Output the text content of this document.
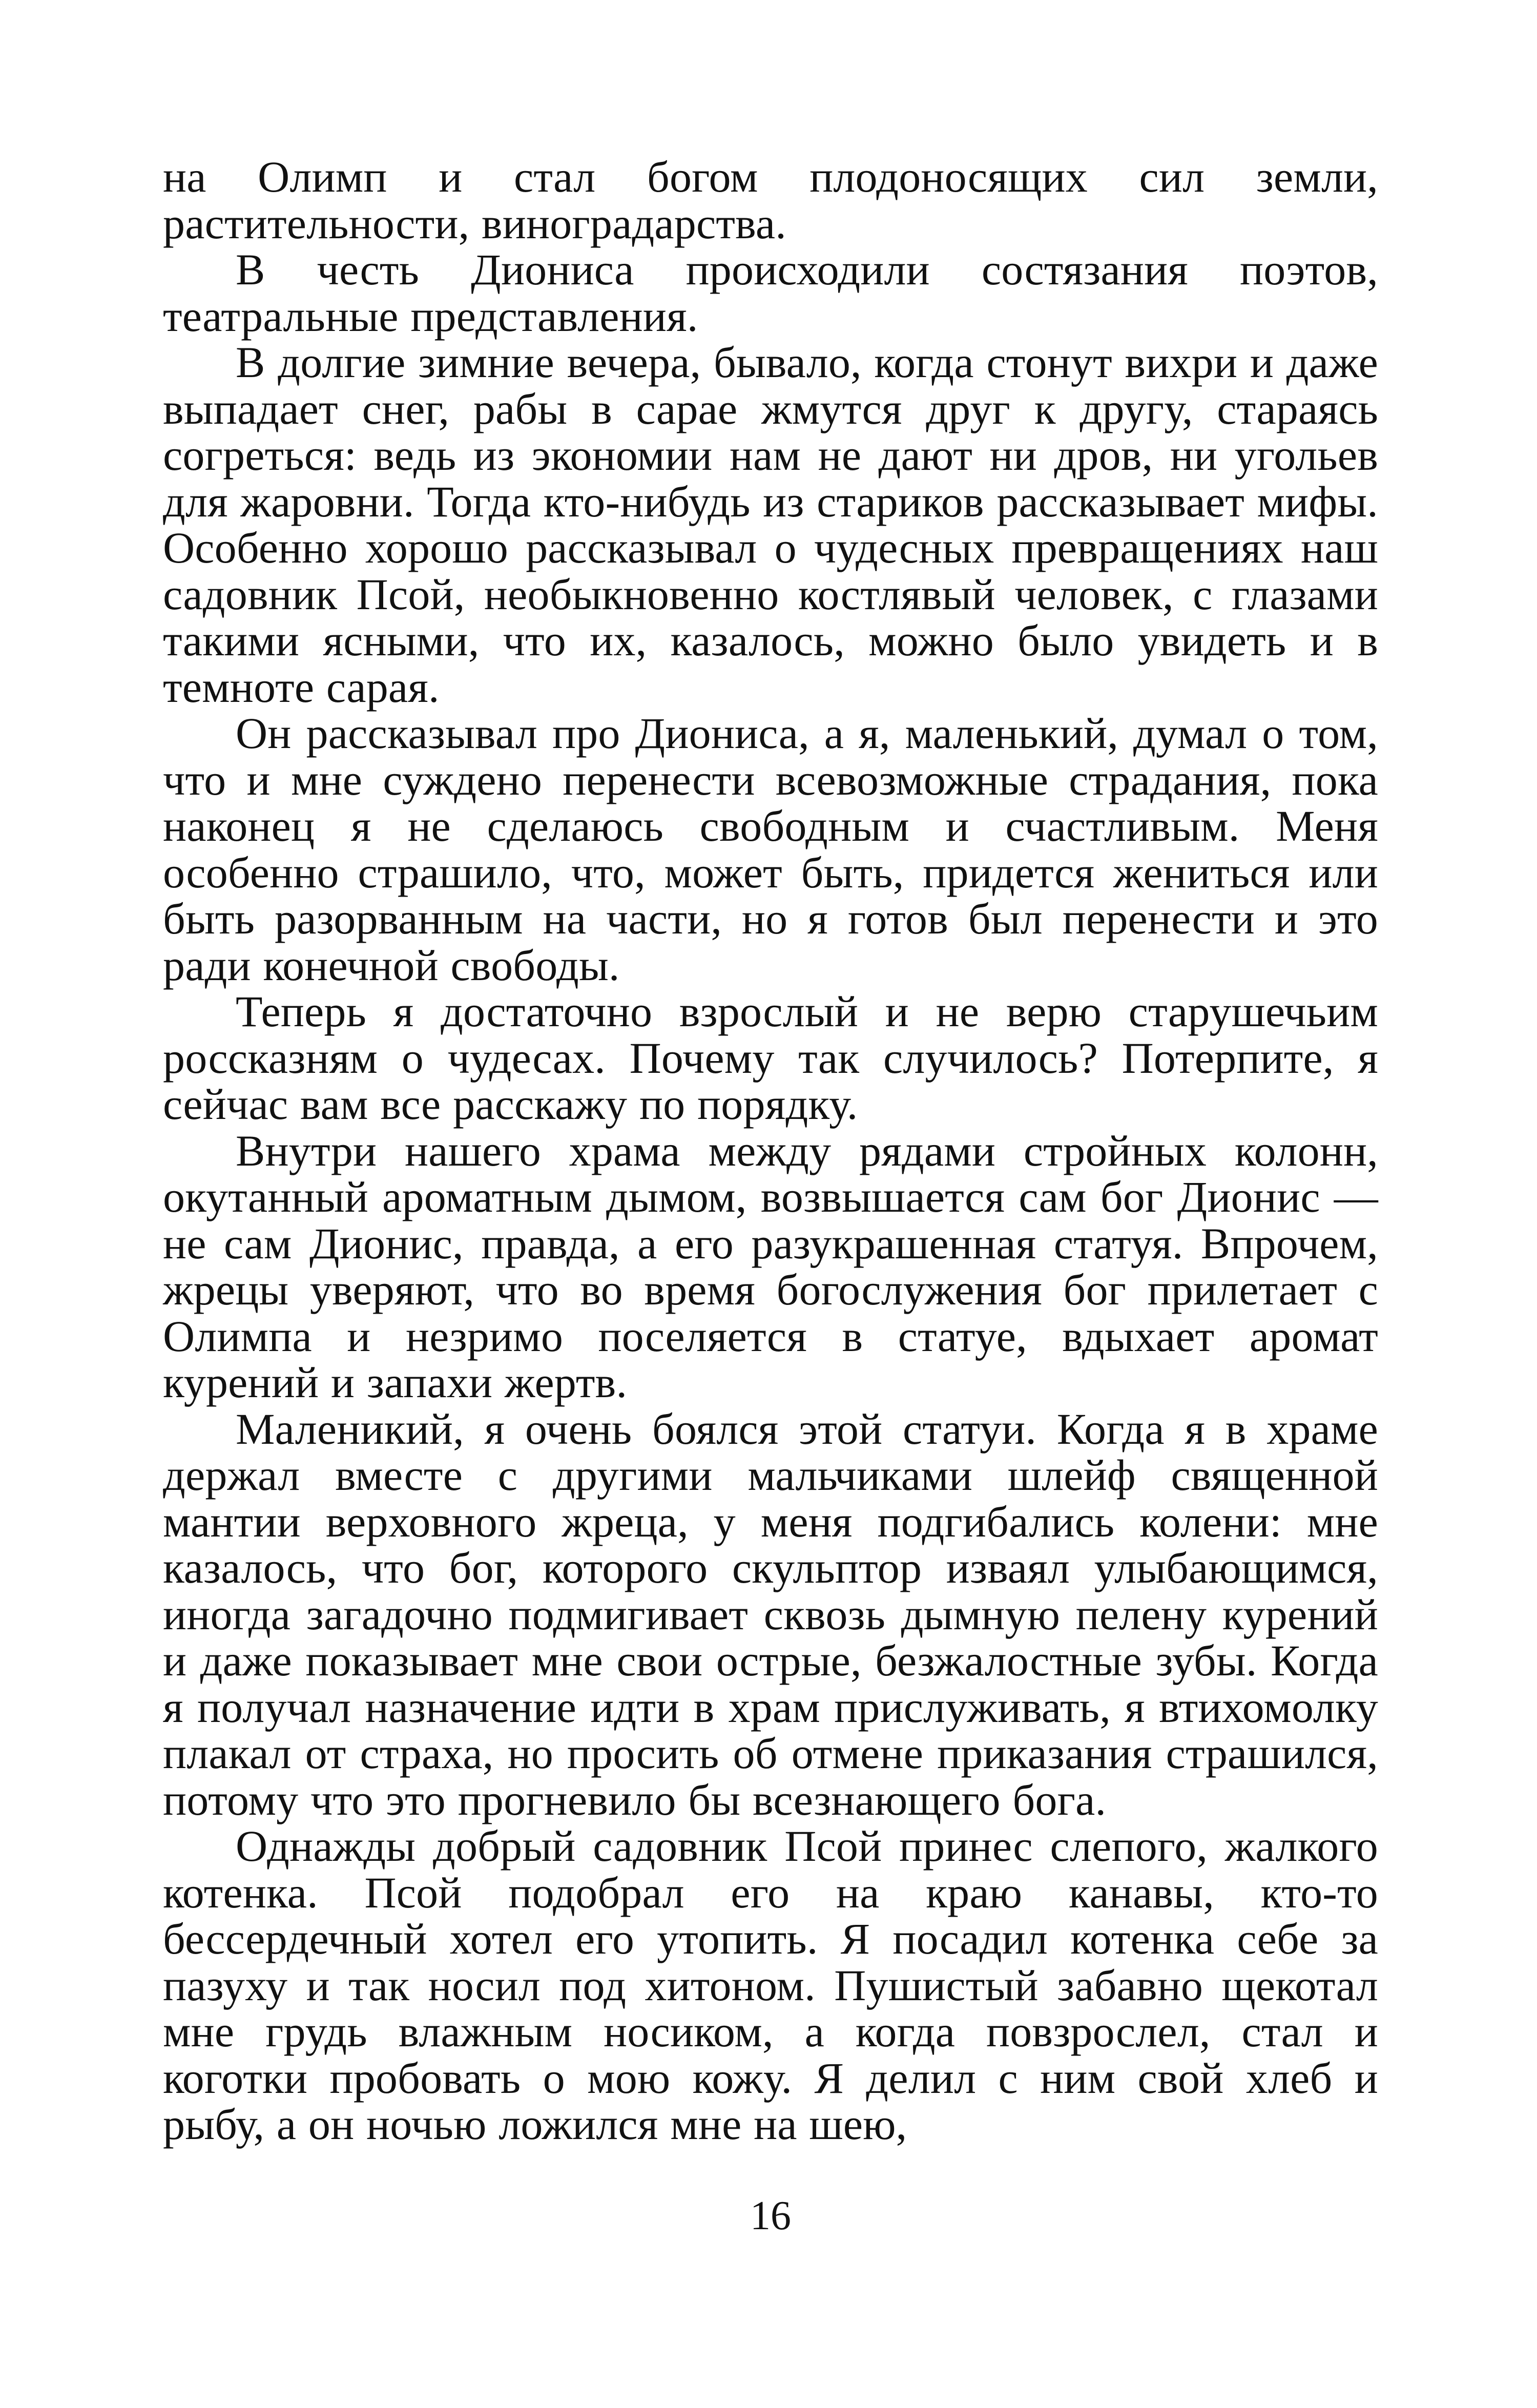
на Олимп и стал богом плодоносящих сил земли, растительности, виноградарства.

В честь Диониса происходили состязания поэтов, театральные представления.

В долгие зимние вечера, бывало, когда стонут вихри и даже выпадает снег, рабы в сарае жмутся друг к другу, стараясь согреться: ведь из экономии нам не дают ни дров, ни угольев для жаровни. Тогда кто-нибудь из стариков рассказывает мифы. Особенно хорошо рассказывал о чудесных превращениях наш садовник Псой, необыкновенно костлявый человек, с глазами такими ясными, что их, казалось, можно было увидеть и в темноте сарая.

Он рассказывал про Диониса, а я, маленький, думал о том, что и мне суждено перенести всевозможные страдания, пока наконец я не сделаюсь свободным и счастливым. Меня особенно страшило, что, может быть, придется жениться или быть разорванным на части, но я готов был перенести и это ради конечной свободы.

Теперь я достаточно взрослый и не верю старушечьим россказням о чудесах. Почему так случилось? Потерпите, я сейчас вам все расскажу по порядку.

Внутри нашего храма между рядами стройных колонн, окутанный ароматным дымом, возвышается сам бог Дионис — не сам Дионис, правда, а его разукрашенная статуя. Впрочем, жрецы уверяют, что во время богослужения бог прилетает с Олимпа и незримо поселяется в статуе, вдыхает аромат курений и запахи жертв.

Маленикий, я очень боялся этой статуи. Когда я в храме держал вместе с другими мальчиками шлейф священной мантии верховного жреца, у меня подгибались колени: мне казалось, что бог, которого скульптор изваял улыбающимся, иногда загадочно подмигивает сквозь дымную пелену курений и даже показывает мне свои острые, безжалостные зубы. Когда я получал назначение идти в храм прислуживать, я втихомолку плакал от страха, но просить об отмене приказания страшился, потому что это прогневило бы всезнающего бога.

Однажды добрый садовник Псой принес слепого, жалкого котенка. Псой подобрал его на краю канавы, кто-то бессердечный хотел его утопить. Я посадил котенка себе за пазуху и так носил под хитоном. Пушистый забавно щекотал мне грудь влажным носиком, а когда повзрослел, стал и коготки пробовать о мою кожу. Я делил с ним свой хлеб и рыбу, а он ночью ложился мне на шею,

16
